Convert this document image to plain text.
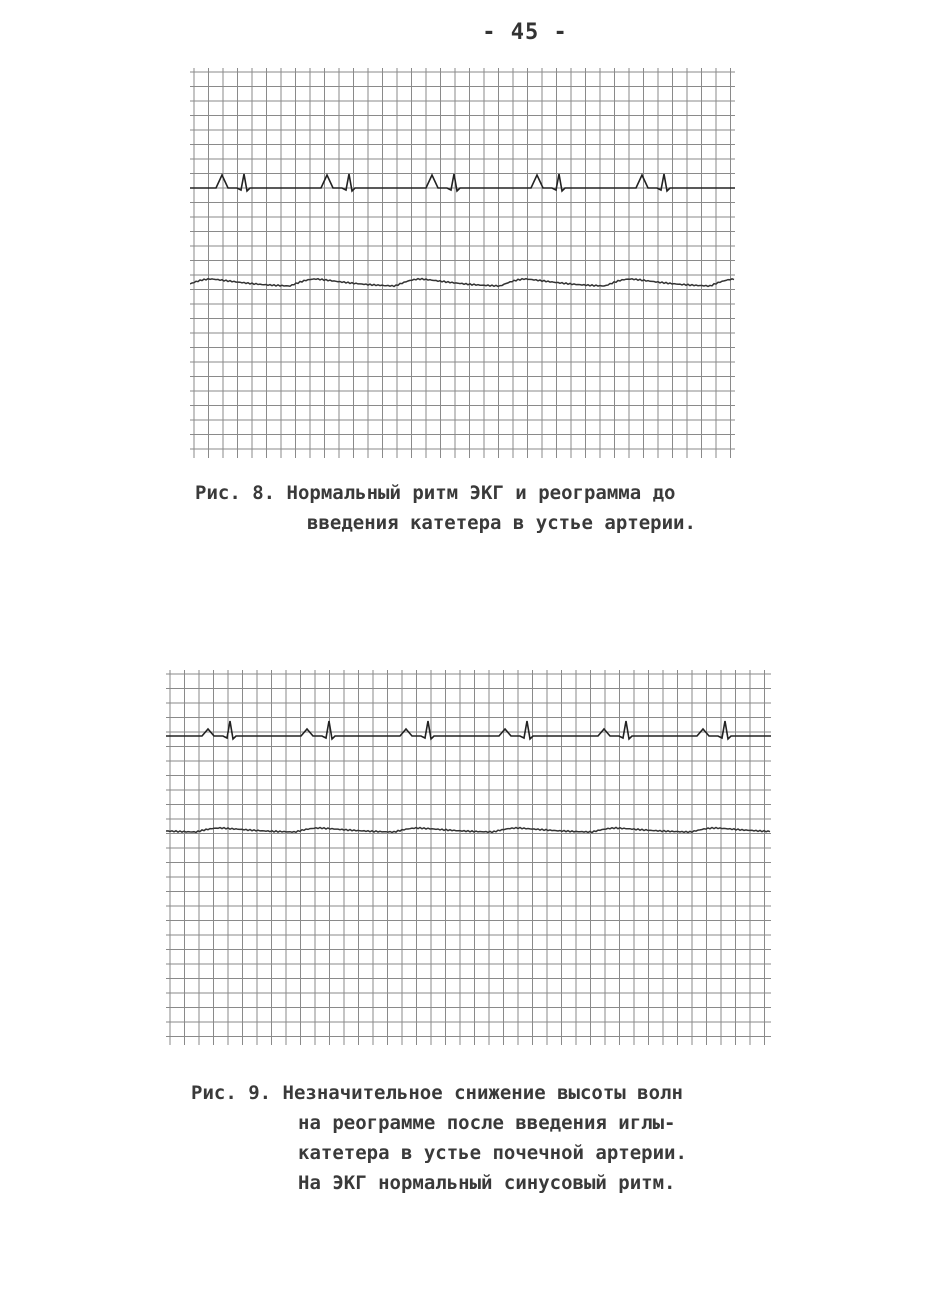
- 45 -
Рис. 8. Нормальный ритм ЭКГ и реограмма до
введения катетера в устье артерии.
Рис. 9. Незначительное снижение высоты волн
на реограмме после введения иглы-
катетера в устье почечной артерии.
На ЭКГ нормальный синусовый ритм.
